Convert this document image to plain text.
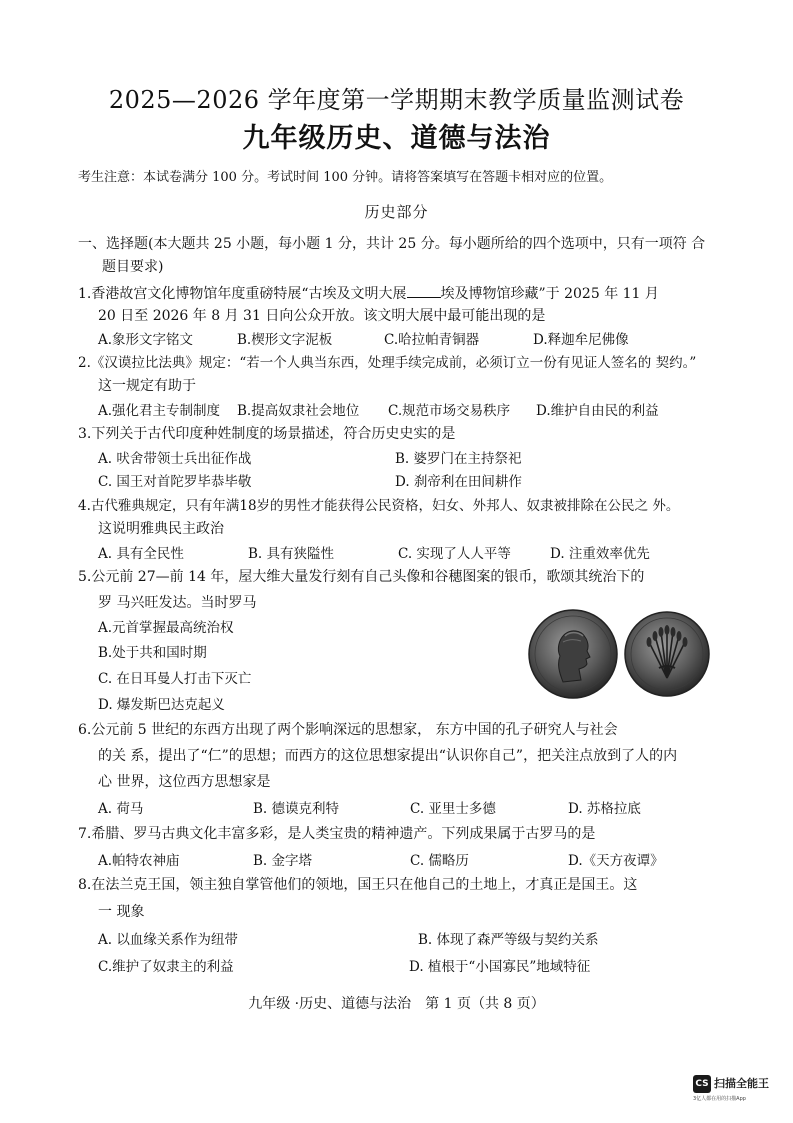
2025—2026 学年度第一学期期末教学质量监测试卷
九年级历史、道德与法治
考生注意：本试卷满分 100 分。考试时间 100 分钟。请将答案填写在答题卡相对应的位置。
历史部分
一、选择题(本大题共 25 小题，每小题 1 分，共计 25 分。每小题所给的四个选项中，只有一项符 合
题目要求)
1.香港故宫文化博物馆年度重磅特展“古埃及文明大展 埃及博物馆珍藏”于 2025 年 11 月
20 日至 2026 年 8 月 31 日向公众开放。该文明大展中最可能出现的是
A.象形文字铭文	B.楔形文字泥板	C.哈拉帕青铜器	D.释迦牟尼佛像
2.《汉谟拉比法典》规定：“若一个人典当东西，处理手续完成前，必须订立一份有见证人签名的 契约。”
这一规定有助于
A.强化君主专制制度 B.提高奴隶社会地位 C.规范市场交易秩序 D.维护自由民的利益
3.下列关于古代印度种姓制度的场景描述，符合历史史实的是
A. 吠舍带领士兵出征作战	B. 婆罗门在主持祭祀
C. 国王对首陀罗毕恭毕敬	D. 刹帝利在田间耕作
4.古代雅典规定，只有年满18岁的男性才能获得公民资格，妇女、外邦人、奴隶被排除在公民之 外。
这说明雅典民主政治
A. 具有全民性	B. 具有狭隘性	C. 实现了人人平等	D. 注重效率优先
5.公元前 27—前 14 年，屋大维大量发行刻有自己头像和谷穗图案的银币，歌颂其统治下的
罗 马兴旺发达。当时罗马
A.元首掌握最高统治权
B.处于共和国时期
C. 在日耳曼人打击下灭亡
D. 爆发斯巴达克起义
6.公元前 5 世纪的东西方出现了两个影响深远的思想家， 东方中国的孔子研究人与社会
的关 系，提出了“仁”的思想；而西方的这位思想家提出“认识你自己”，把关注点放到了人的内
心 世界，这位西方思想家是
A. 荷马	B. 德谟克利特	C. 亚里士多德	D. 苏格拉底
7.希腊、罗马古典文化丰富多彩，是人类宝贵的精神遗产。下列成果属于古罗马的是
A.帕特农神庙	B. 金字塔	C. 儒略历	D.《天方夜谭》
8.在法兰克王国，领主独自掌管他们的领地，国王只在他自己的土地上，才真正是国王。这
一 现象
A. 以血缘关系作为纽带	B. 体现了森严等级与契约关系
C.维护了奴隶主的利益	D. 植根于“小国寡民”地域特征
九年级 ·历史、道德与法治　第 1 页（共 8 页）
CS 扫描全能王
3亿人都在用的扫描App
